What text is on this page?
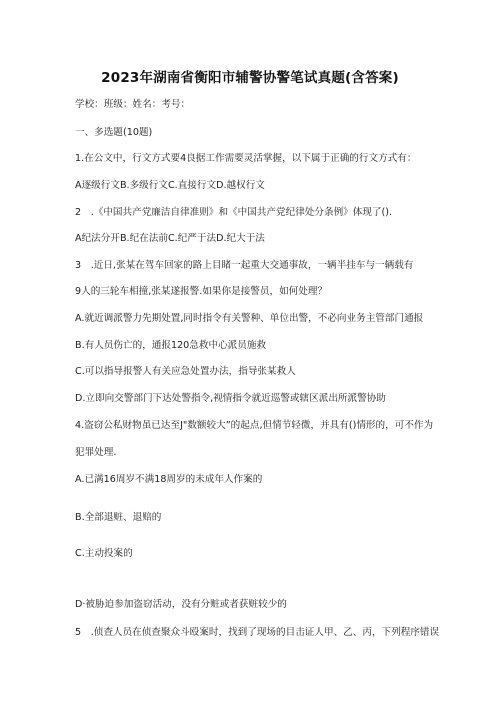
2023年湖南省衡阳市辅警协警笔试真题(含答案)
学校：班级：姓名：考号：
一、多选题(10题)
1.在公文中，行文方式要4良据工作需要灵活掌握，以下属于正确的行文方式有：
A逐级行文B.多级行文C.直接行文D.越权行文
2　.《中国共产党廉洁自律准则》和《中国共产党纪律处分条例》体现了().
A纪法分开B.纪在法前C.纪严于法D.纪大于法
3　.近日,张某在驾车回家的路上目睹一起重大交通事故，一辆半挂车与一辆载有
9人的三轮车相撞,张某遂报警.如果你是接警员，如何处理？
A.就近调派警力先期处置,同时指令有关警种、单位出警，不必向业务主管部门通报
B.有人员伤亡的，通报120急救中心派员施救
C.可以指导报警人有关应急处置办法，指导张某救人
D.立即向交警部门下达处警指令,视情指令就近巡警或辖区派出所派警协助
4.盗窃公私财物虽已达至J"数额较大”的起点,但情节轻微，并具有()情形的，可不作为
犯罪处理.
A.已满16周岁不满18周岁的未成年人作案的
B.全部退赃、退赔的
C.主动投案的
D·被胁迫参加盗窃活动，没有分赃或者获赃较少的
5　.侦查人员在侦查聚众斗殴案时，找到了现场的目击证人甲、乙、丙，下列程序错误
